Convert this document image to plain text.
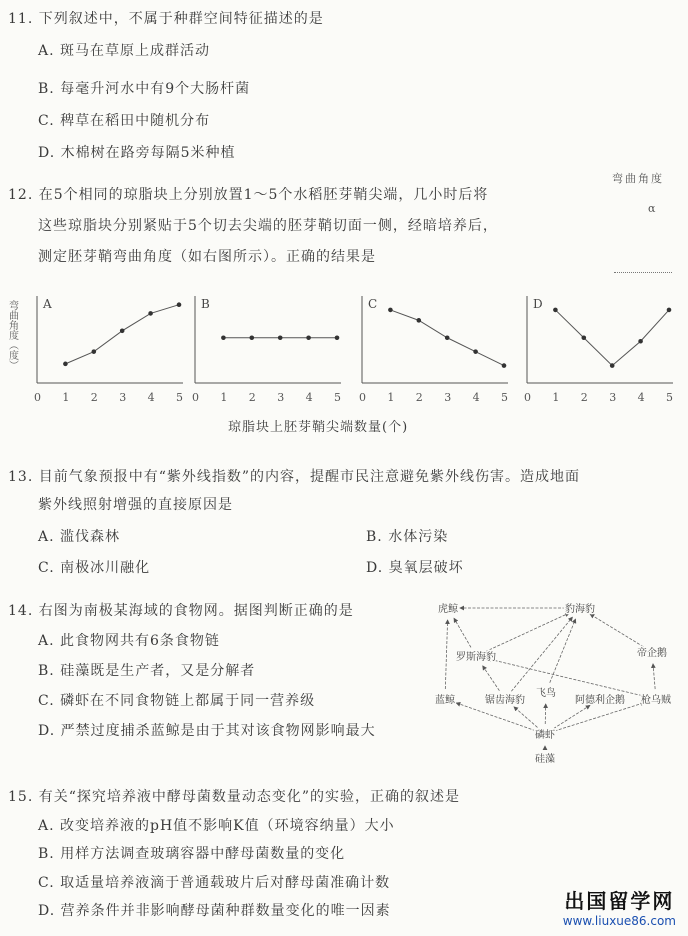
11. 下列叙述中，不属于种群空间特征描述的是
A. 斑马在草原上成群活动
B. 每毫升河水中有9个大肠杆菌
C. 稗草在稻田中随机分布
D. 木棉树在路旁每隔5米种植
12. 在5个相同的琼脂块上分别放置1～5个水稻胚芽鞘尖端，几小时后将
这些琼脂块分别紧贴于5个切去尖端的胚芽鞘切面一侧，经暗培养后，
测定胚芽鞘弯曲角度（如右图所示）。正确的结果是
弯曲角度
α
A
0 1 2 3 4 5
弯曲角度（度）	B
0 1 2 3 4 5
C
0 1 2 3 4 5
D
0 1 2 3 4 5
琼脂块上胚芽鞘尖端数量(个)
13. 目前气象预报中有“紫外线指数”的内容，提醒市民注意避免紫外线伤害。造成地面
紫外线照射增强的直接原因是
A. 滥伐森林	B. 水体污染
C. 南极冰川融化	D. 臭氧层破坏
14. 右图为南极某海域的食物网。据图判断正确的是
A. 此食物网共有6条食物链
B. 硅藻既是生产者，又是分解者
C. 磷虾在不同食物链上都属于同一营养级
D. 严禁过度捕杀蓝鲸是由于其对该食物网影响最大
虎鲸	豹海豹
帝企鹅
罗斯海豹
蓝鲸	锯齿海豹
飞鸟
阿德利企鹅 枪乌贼
磷虾
硅藻
15. 有关“探究培养液中酵母菌数量动态变化”的实验，正确的叙述是
A. 改变培养液的pH值不影响K值（环境容纳量）大小
B. 用样方法调查玻璃容器中酵母菌数量的变化
C. 取适量培养液滴于普通载玻片后对酵母菌准确计数
D. 营养条件并非影响酵母菌种群数量变化的唯一因素	出国留学网
www.liuxue86.com
